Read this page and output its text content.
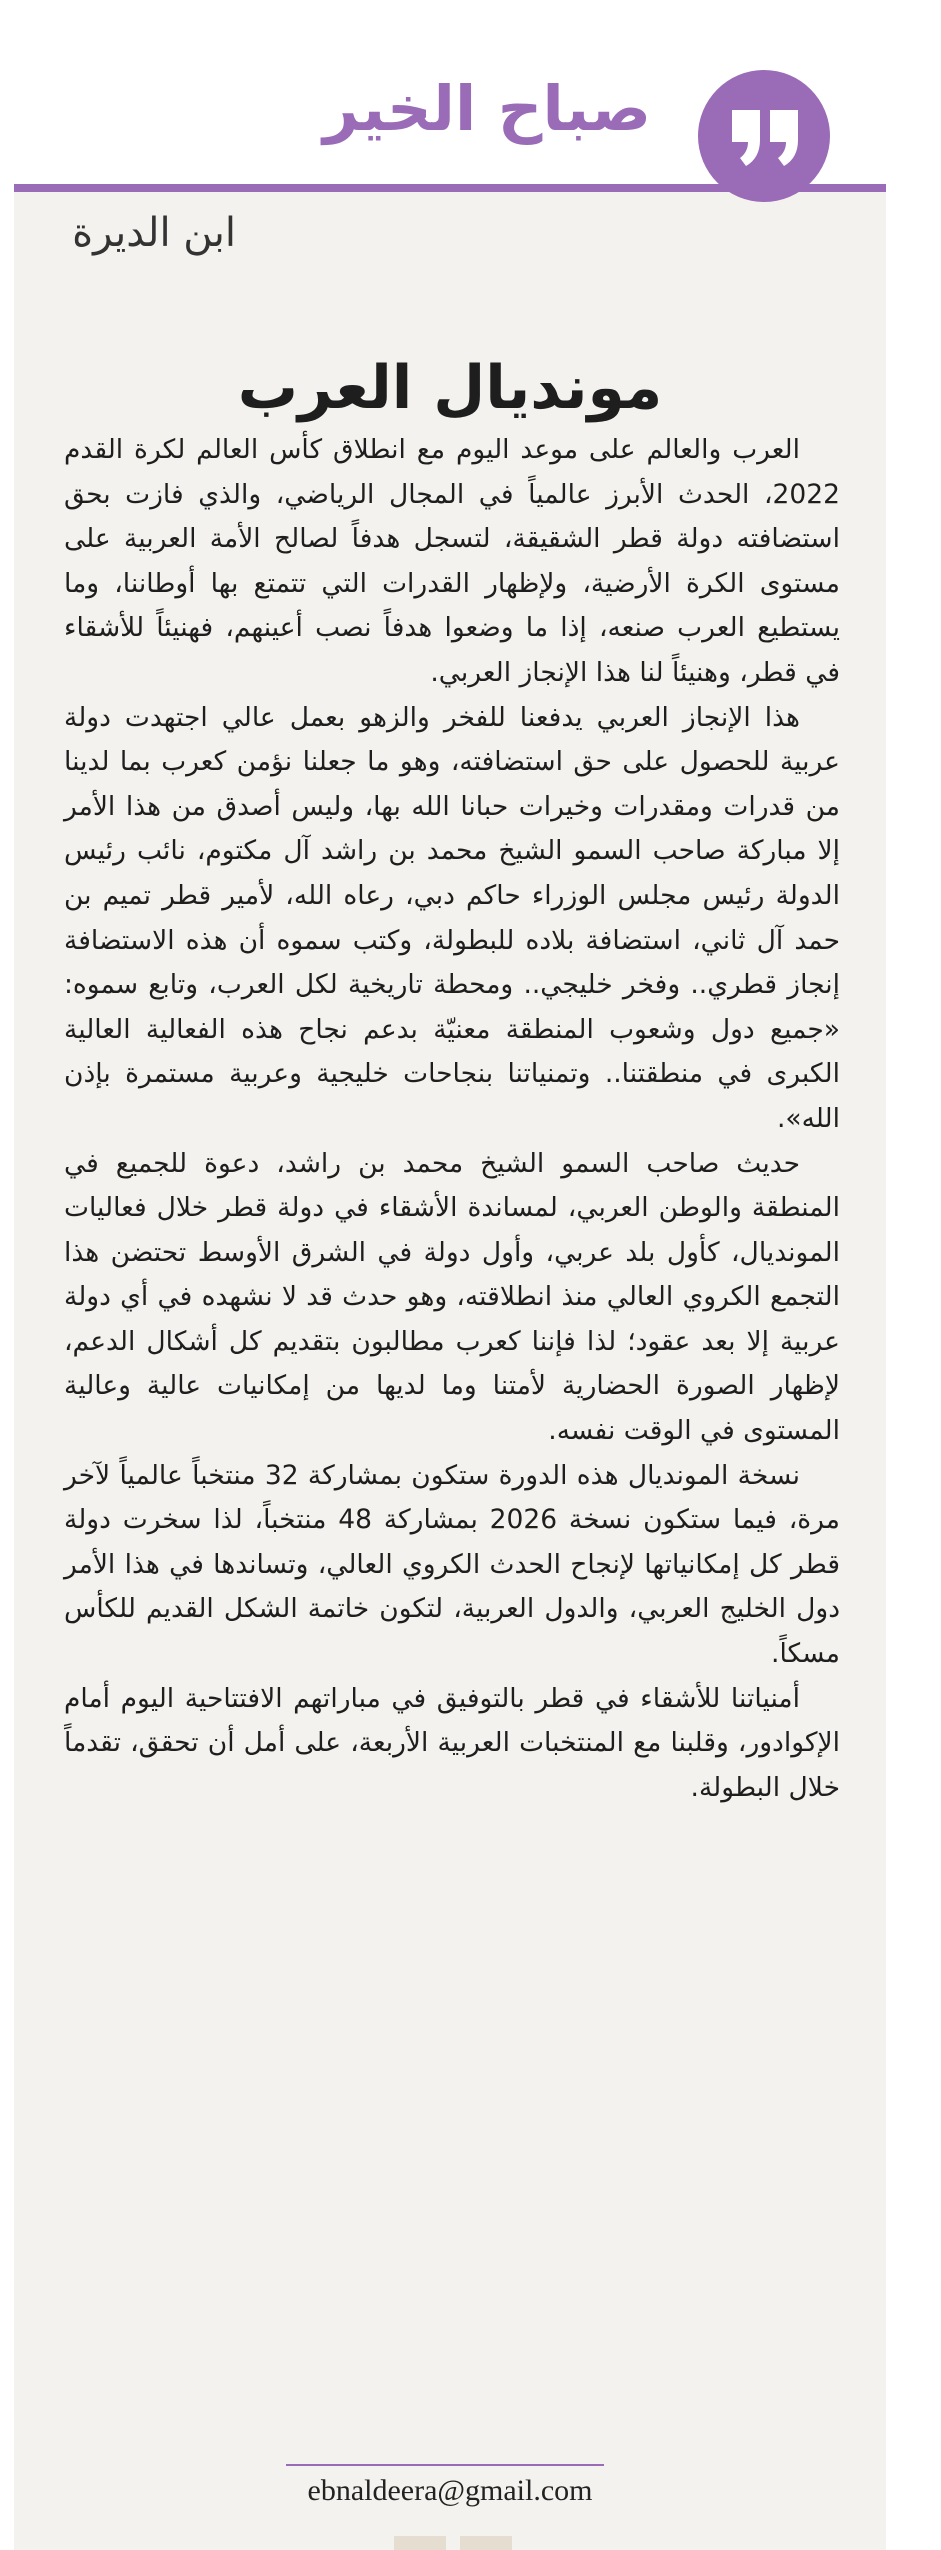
صباح الخير
ابن الديرة
مونديال العرب

العرب والعالم على موعد اليوم مع انطلاق كأس العالم لكرة القدم 2022، الحدث الأبرز عالمياً في المجال الرياضي، والذي فازت بحق استضافته دولة قطر الشقيقة، لتسجل هدفاً لصالح الأمة العربية على مستوى الكرة الأرضية، ولإظهار القدرات التي تتمتع بها أوطاننا، وما يستطيع العرب صنعه، إذا ما وضعوا هدفاً نصب أعينهم، فهنيئاً للأشقاء في قطر، وهنيئاً لنا هذا الإنجاز العربي.

هذا الإنجاز العربي يدفعنا للفخر والزهو بعمل عالي اجتهدت دولة عربية للحصول على حق استضافته، وهو ما جعلنا نؤمن كعرب بما لدينا من قدرات ومقدرات وخيرات حبانا الله بها، وليس أصدق من هذا الأمر إلا مباركة صاحب السمو الشيخ محمد بن راشد آل مكتوم، نائب رئيس الدولة رئيس مجلس الوزراء حاكم دبي، رعاه الله، لأمير قطر تميم بن حمد آل ثاني، استضافة بلاده للبطولة، وكتب سموه أن هذه الاستضافة إنجاز قطري.. وفخر خليجي.. ومحطة تاريخية لكل العرب، وتابع سموه: «جميع دول وشعوب المنطقة معنيّة بدعم نجاح هذه الفعالية العالية الكبرى في منطقتنا.. وتمنياتنا بنجاحات خليجية وعربية مستمرة بإذن الله».

حديث صاحب السمو الشيخ محمد بن راشد، دعوة للجميع في المنطقة والوطن العربي، لمساندة الأشقاء في دولة قطر خلال فعاليات المونديال، كأول بلد عربي، وأول دولة في الشرق الأوسط تحتضن هذا التجمع الكروي العالي منذ انطلاقته، وهو حدث قد لا نشهده في أي دولة عربية إلا بعد عقود؛ لذا فإننا كعرب مطالبون بتقديم كل أشكال الدعم، لإظهار الصورة الحضارية لأمتنا وما لديها من إمكانيات عالية وعالية المستوى في الوقت نفسه.

نسخة المونديال هذه الدورة ستكون بمشاركة 32 منتخباً عالمياً لآخر مرة، فيما ستكون نسخة 2026 بمشاركة 48 منتخباً، لذا سخرت دولة قطر كل إمكانياتها لإنجاح الحدث الكروي العالي، وتساندها في هذا الأمر دول الخليج العربي، والدول العربية، لتكون خاتمة الشكل القديم للكأس مسكاً.

أمنياتنا للأشقاء في قطر بالتوفيق في مباراتهم الافتتاحية اليوم أمام الإكوادور، وقلبنا مع المنتخبات العربية الأربعة، على أمل أن تحقق، تقدماً خلال البطولة.

ebnaldeera@gmail.com
